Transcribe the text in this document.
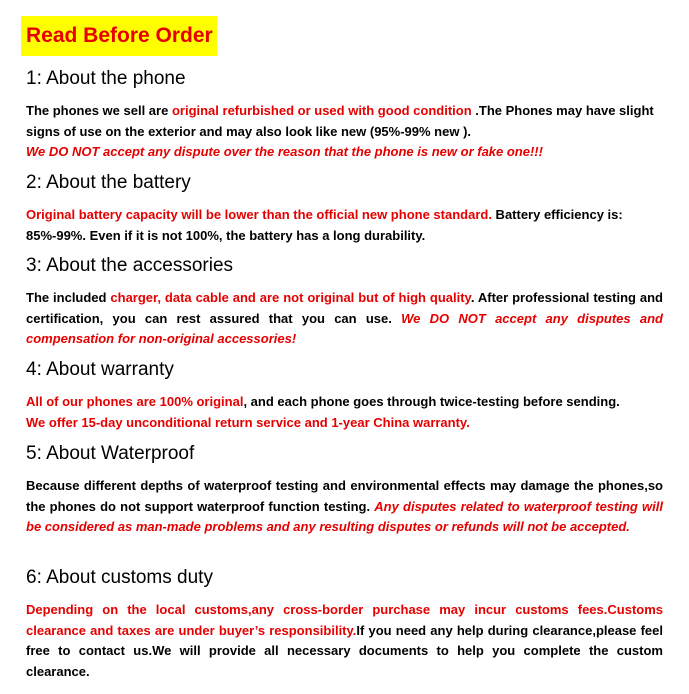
Read Before Order
1: About the phone

The phones we sell are original refurbished or used with good condition .The Phones may have slight signs of use on the exterior and may also look like new (95%-99% new ).

We DO NOT accept any dispute over the reason that the phone is new or fake one!!!

2: About the battery

Original battery capacity will be lower than the official new phone standard. Battery efficiency is: 85%-99%. Even if it is not 100%, the battery has a long durability.

3: About the accessories

The included charger, data cable and are not original but of high quality. After professional testing and certification, you can rest assured that you can use. We DO NOT accept any disputes and compensation for non-original accessories!

4: About warranty

All of our phones are 100% original, and each phone goes through twice-testing before sending.

We offer 15-day unconditional return service and 1-year China warranty.

5: About Waterproof

Because different depths of waterproof testing and environmental effects may damage the phones,so the phones do not support waterproof function testing. Any disputes related to waterproof testing will be considered as man-made problems and any resulting disputes or refunds will not be accepted.

6: About customs duty

Depending on the local customs,any cross-border purchase may incur customs fees.Customs clearance and taxes are under buyer’s responsibility.If you need any help during clearance,please feel free to contact us.We will provide all necessary documents to help you complete the custom clearance.
